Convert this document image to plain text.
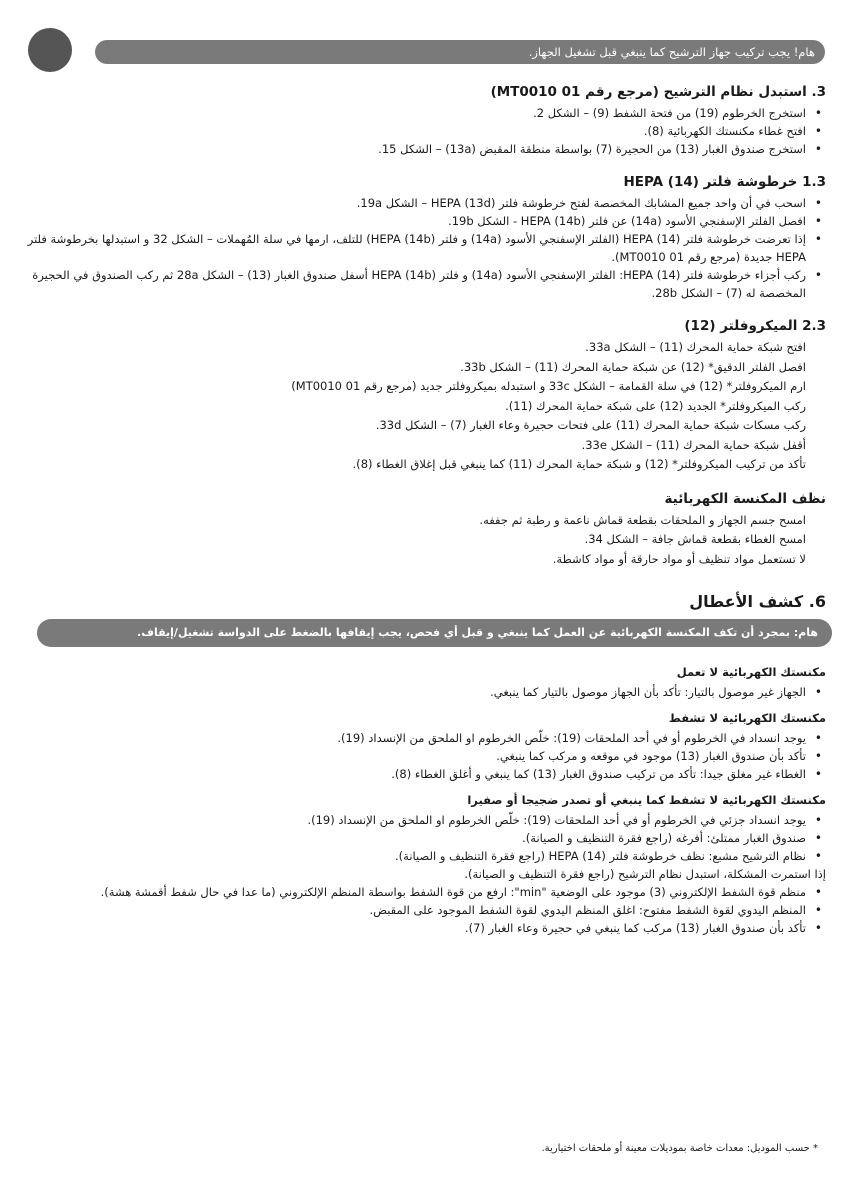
هام! يجب تركيب جهاز الترشيح كما ينبغي قبل تشغيل الجهاز.
3. استبدل نظام الترشيح (مرجع رقم MT0010 01)
• استخرج الخرطوم (19) من فتحة الشفط (9) – الشكل 2.
• افتح غطاء مكنستك الكهربائية (8).
• استخرج صندوق الغبار (13) من الحجيرة (7) بواسطة منطقة المقبض (13a) – الشكل 15.
1.3 خرطوشة فلتر HEPA (14)
• اسحب في أن واحد جميع المشابك المخصصة لفتح خرطوشة فلتر HEPA (13d) – الشكل 19a.
• افصل الفلتر الإسفنجي الأسود (14a) عن فلتر HEPA (14b) - الشكل 19b.
• إذا تعرضت خرطوشة فلتر HEPA (14) (الفلتر الإسفنجي الأسود (14a) و فلتر HEPA (14b)) للتلف، ارمها في سلة المُهملات – الشكل 32 و استبدلها بخرطوشة فلتر HEPA جديدة (مرجع رقم MT0010 01).
• ركب أجزاء خرطوشة فلتر HEPA (14): الفلتر الإسفنجي الأسود (14a) و فلتر HEPA (14b) أسفل صندوق الغبار (13) – الشكل 28a ثم ركب الصندوق في الحجيرة المخصصة له (7) – الشكل 28b.
2.3 الميكروفلتر (12)
افتح شبكة حماية المحرك (11) – الشكل 33a.
افصل الفلتر الدقيق* (12) عن شبكة حماية المحرك (11) – الشكل 33b.
ارم الميكروفلتر* (12) في سلة القمامة – الشكل 33c و استبدله بميكروفلتر جديد (مرجع رقم MT0010 01)
ركب الميكروفلتر* الجديد (12) على شبكة حماية المحرك (11).
ركب مسكات شبكة حماية المحرك (11) على فتحات حجيرة وعاء الغبار (7) – الشكل 33d.
أقفل شبكة حماية المحرك (11) – الشكل 33e.
تأكد من تركيب الميكروفلتر* (12) و شبكة حماية المحرك (11) كما ينبغي قبل إغلاق الغطاء (8).
نظف المكنسة الكهربائية
امسح جسم الجهاز و الملحقات بقطعة قماش ناعمة و رطبة ثم جففه.
امسح الغطاء بقطعة قماش جافة – الشكل 34.
لا تستعمل مواد تنظيف أو مواد حارقة أو مواد كاشطة.
6. كشف الأعطال
هام: بمجرد أن تكف المكنسة الكهربائية عن العمل كما ينبغي و قبل أي فحص، يجب إيقافها بالضغط على الدواسة تشغيل/إيقاف.
مكنستك الكهربائية لا تعمل
• الجهاز غير موصول بالتيار: تأكد بأن الجهاز موصول بالتيار كما ينبغي.
مكنستك الكهربائية لا تشفط
• يوجد انسداد في الخرطوم أو في أحد الملحقات (19): خلّص الخرطوم او الملحق من الإنسداد (19).
• تأكد بأن صندوق الغبار (13) موجود في موقعه و مركب كما ينبغي.
• الغطاء غير مغلق جيدا: تأكد من تركيب صندوق الغبار (13) كما ينبغي و أغلق الغطاء (8).
مكنستك الكهربائية لا تشفط كما ينبغي أو تصدر ضجيجا أو صفيرا
• يوجد انسداد جزئي في الخرطوم أو في أحد الملحقات (19): خلّص الخرطوم او الملحق من الإنسداد (19).
• صندوق الغبار ممتلئ: أفرغه (راجع فقرة التنظيف و الصيانة).
• نظام الترشيح مشبع: نظف خرطوشة فلتر HEPA (14) (راجع فقرة التنظيف و الصيانة).
إذا استمرت المشكلة، استبدل نظام الترشيح (راجع فقرة التنظيف و الصيانة).
• منظم قوة الشفط الإلكتروني (3) موجود على الوضعية "min": ارفع من قوة الشفط بواسطة المنظم الإلكتروني (ما عدا في حال شفط أقمشة هشة).
• المنظم اليدوي لقوة الشفط مفتوح: اغلق المنظم اليدوي لقوة الشفط الموجود على المقبض.
• تأكد بأن صندوق الغبار (13) مركب كما ينبغي في حجيرة وعاء الغبار (7).
* حسب الموديل: معدات خاصة بموديلات معينة أو ملحقات اختيارية.
